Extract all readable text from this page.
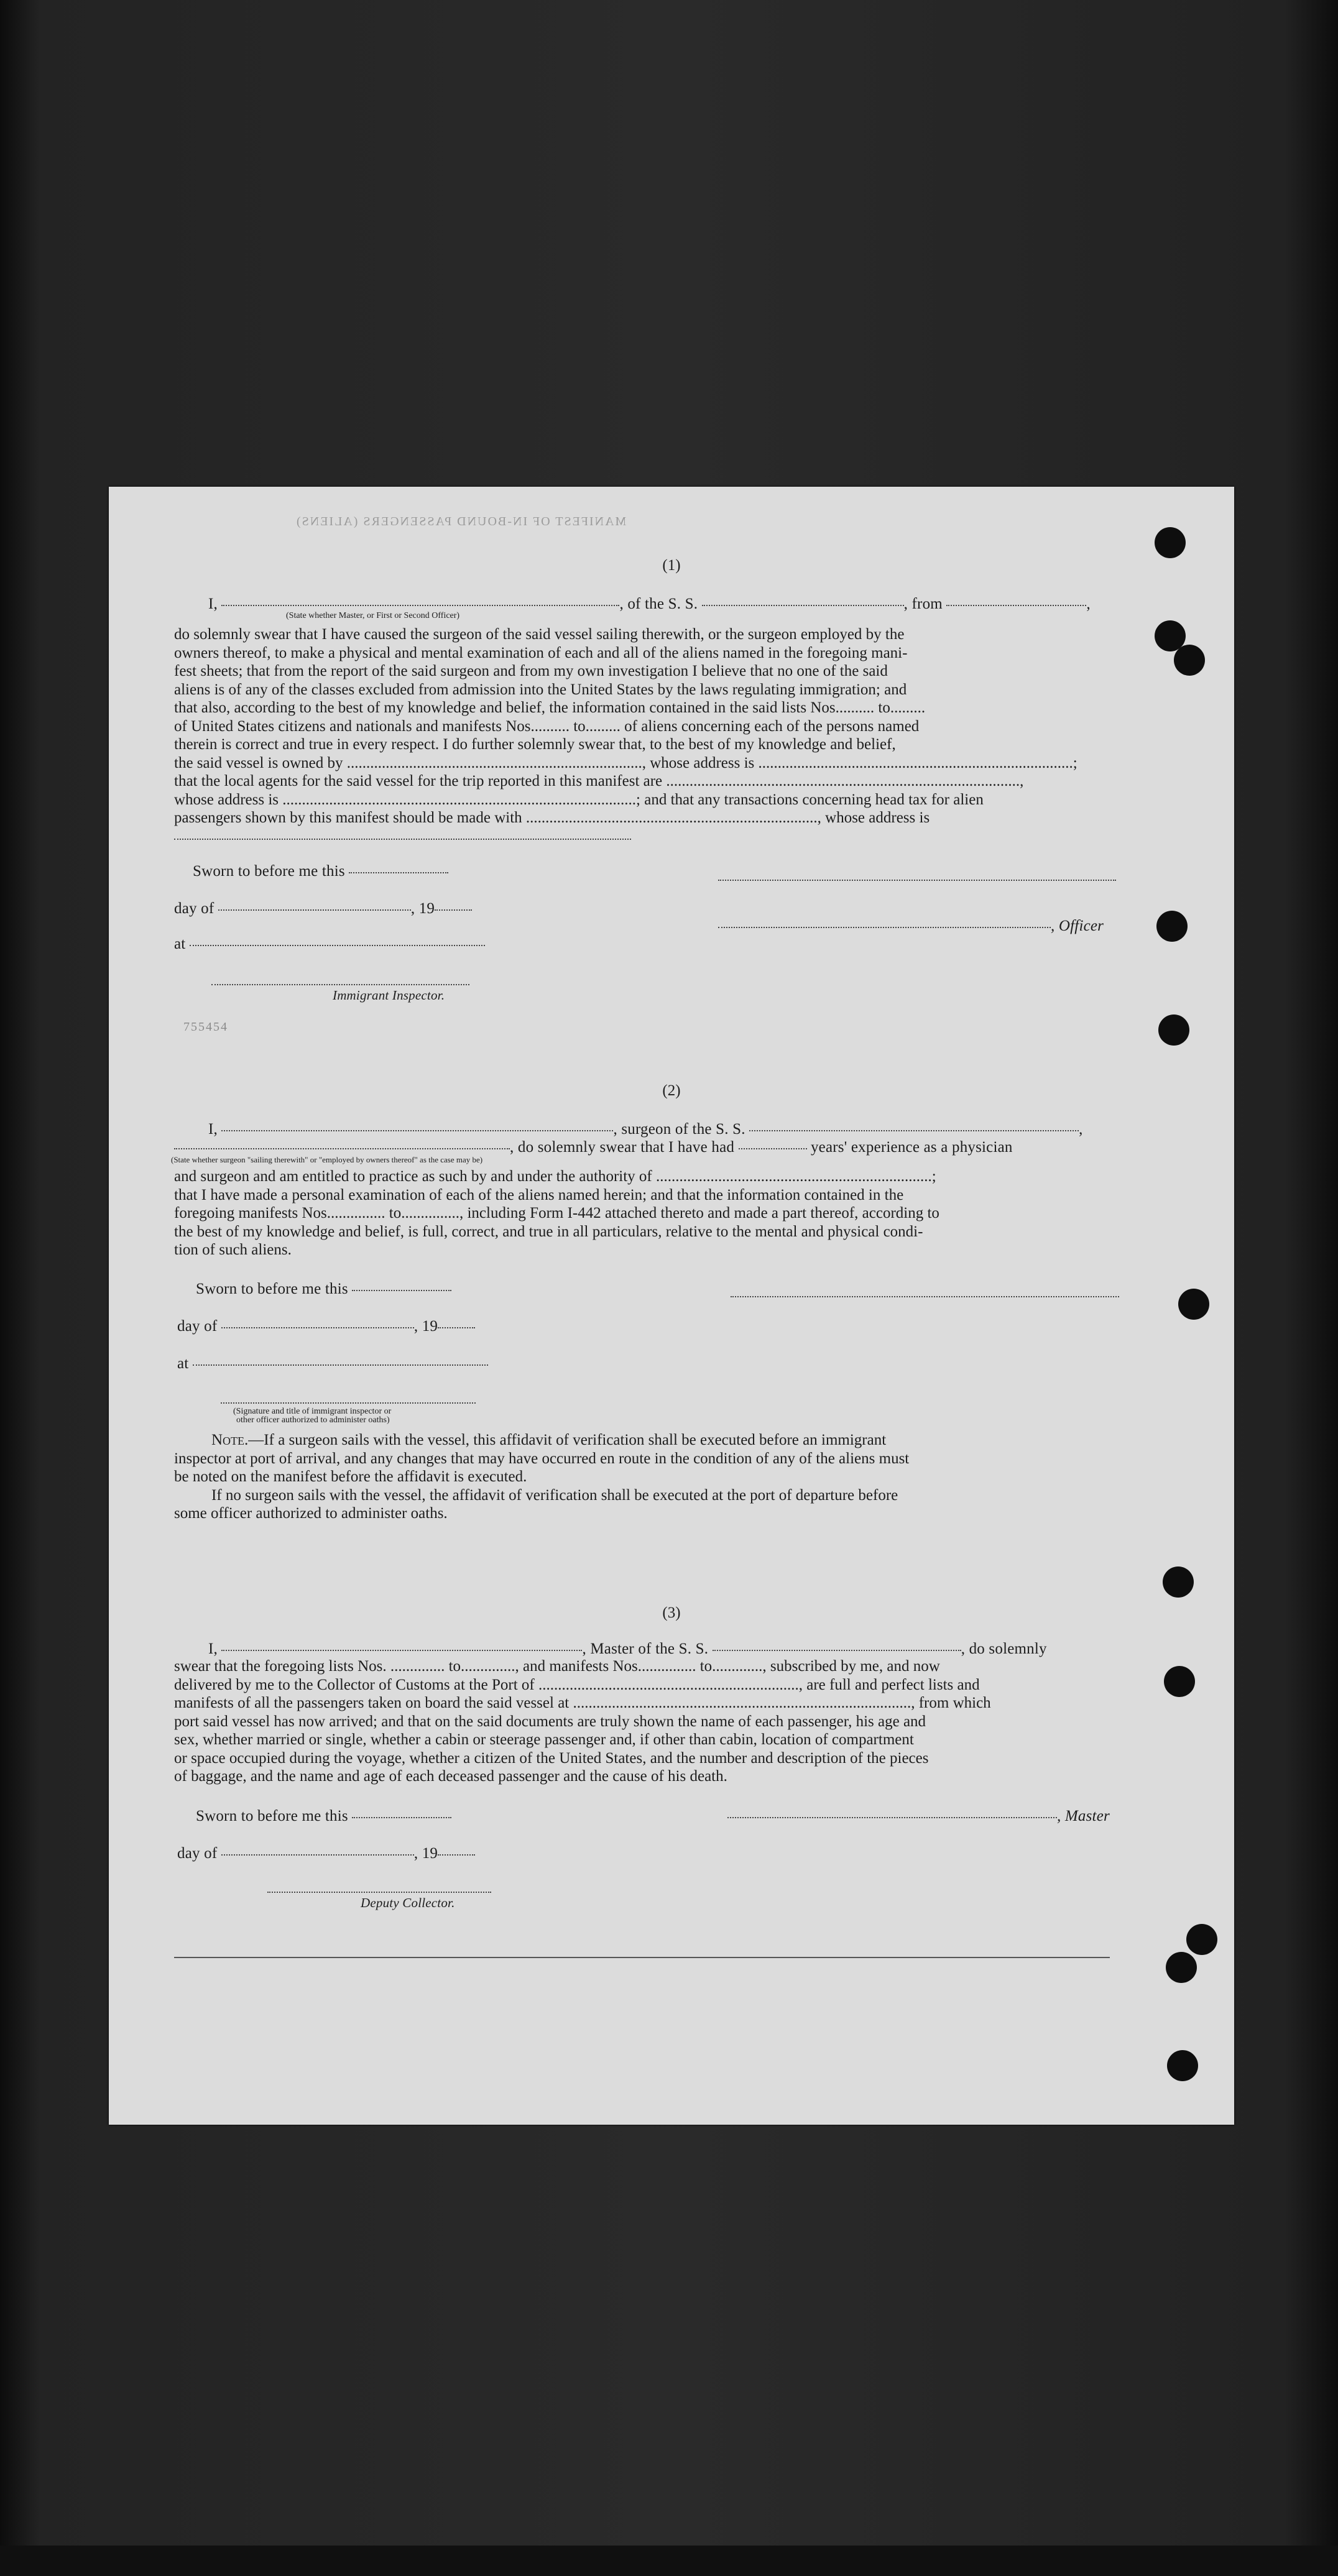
MANIFEST OF IN-BOUND PASSENGERS (ALIENS)
(1)
I,	, of the S. S.	, from	,
(State whether Master, or First or Second Officer)
do solemnly swear that I have caused the surgeon of the said vessel sailing therewith, or the surgeon employed by the
owners thereof, to make a physical and mental examination of each and all of the aliens named in the foregoing mani-
fest sheets; that from the report of the said surgeon and from my own investigation I believe that no one of the said
aliens is of any of the classes excluded from admission into the United States by the laws regulating immigration; and
that also, according to the best of my knowledge and belief, the information contained in the said lists Nos.......... to.........
of United States citizens and nationals and manifests Nos.......... to......... of aliens concerning each of the persons named
therein is correct and true in every respect. I do further solemnly swear that, to the best of my knowledge and belief,
the said vessel is owned by ............................................................................, whose address is .................................................................................;
that the local agents for the said vessel for the trip reported in this manifest are ...........................................................................................,
whose address is ...........................................................................................; and that any transactions concerning head tax for alien
passengers shown by this manifest should be made with ..........................................................................., whose address is
Sworn to before me this
day of	, 19
, Officer
at
Immigrant Inspector.
755454
(2)
I,	, surgeon of the S. S.	,
, do solemnly swear that I have had	years' experience as a physician
(State whether surgeon "sailing therewith" or "employed by owners thereof" as the case may be)
and surgeon and am entitled to practice as such by and under the authority of .......................................................................;
that I have made a personal examination of each of the aliens named herein; and that the information contained in the
foregoing manifests Nos............... to..............., including Form I-442 attached thereto and made a part thereof, according to
the best of my knowledge and belief, is full, correct, and true in all particulars, relative to the mental and physical condi-
tion of such aliens.
Sworn to before me this
day of	, 19
at
(Signature and title of immigrant inspector or
other officer authorized to administer oaths)
Note.—If a surgeon sails with the vessel, this affidavit of verification shall be executed before an immigrant
inspector at port of arrival, and any changes that may have occurred en route in the condition of any of the aliens must
be noted on the manifest before the affidavit is executed.
If no surgeon sails with the vessel, the affidavit of verification shall be executed at the port of departure before
some officer authorized to administer oaths.
(3)
I,	, Master of the S. S.	, do solemnly
swear that the foregoing lists Nos. .............. to.............., and manifests Nos............... to............., subscribed by me, and now
delivered by me to the Collector of Customs at the Port of ..................................................................., are full and perfect lists and
manifests of all the passengers taken on board the said vessel at ......................................................................................., from which
port said vessel has now arrived; and that on the said documents are truly shown the name of each passenger, his age and
sex, whether married or single, whether a cabin or steerage passenger and, if other than cabin, location of compartment
or space occupied during the voyage, whether a citizen of the United States, and the number and description of the pieces
of baggage, and the name and age of each deceased passenger and the cause of his death.
Sworn to before me this	, Master
day of	, 19
Deputy Collector.
